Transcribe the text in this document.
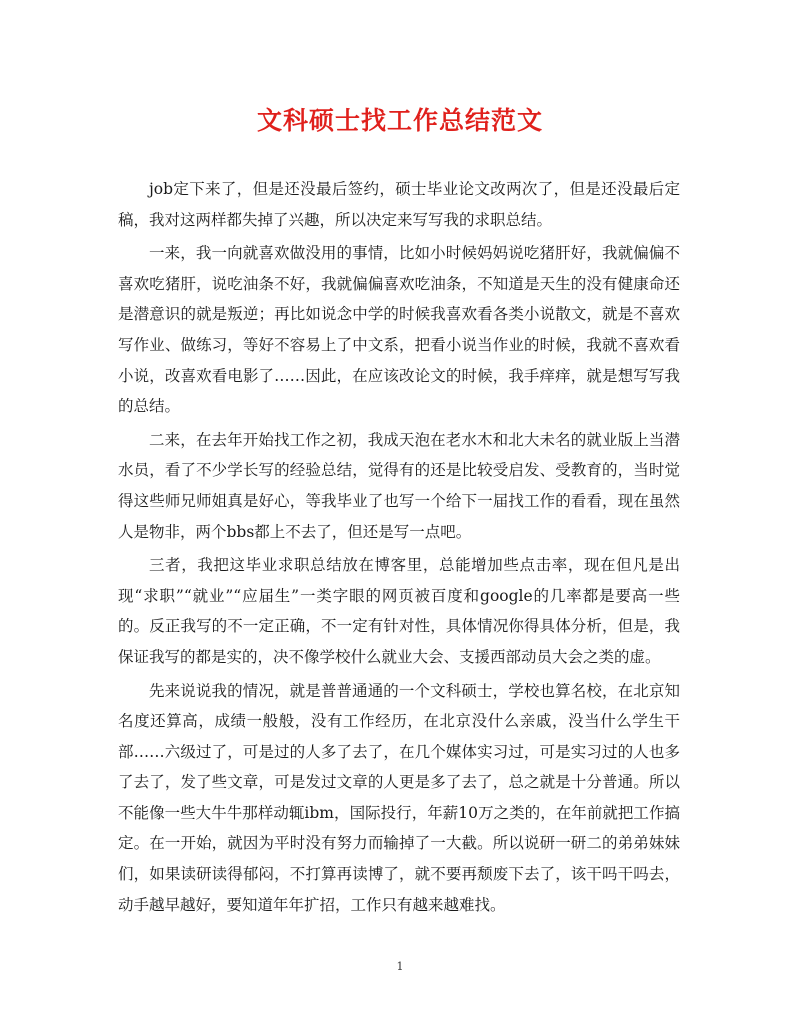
文科硕士找工作总结范文

job定下来了，但是还没最后签约，硕士毕业论文改两次了，但是还没最后定稿，我对这两样都失掉了兴趣，所以决定来写写我的求职总结。

一来，我一向就喜欢做没用的事情，比如小时候妈妈说吃猪肝好，我就偏偏不喜欢吃猪肝，说吃油条不好，我就偏偏喜欢吃油条，不知道是天生的没有健康命还是潜意识的就是叛逆；再比如说念中学的时候我喜欢看各类小说散文，就是不喜欢写作业、做练习，等好不容易上了中文系，把看小说当作业的时候，我就不喜欢看小说，改喜欢看电影了……因此，在应该改论文的时候，我手痒痒，就是想写写我的总结。

二来，在去年开始找工作之初，我成天泡在老水木和北大未名的就业版上当潜水员，看了不少学长写的经验总结，觉得有的还是比较受启发、受教育的，当时觉得这些师兄师姐真是好心，等我毕业了也写一个给下一届找工作的看看，现在虽然人是物非，两个bbs都上不去了，但还是写一点吧。

三者，我把这毕业求职总结放在博客里，总能增加些点击率，现在但凡是出现“求职”“就业”“应届生”一类字眼的网页被百度和google的几率都是要高一些的。反正我写的不一定正确，不一定有针对性，具体情况你得具体分析，但是，我保证我写的都是实的，决不像学校什么就业大会、支援西部动员大会之类的虚。

先来说说我的情况，就是普普通通的一个文科硕士，学校也算名校，在北京知名度还算高，成绩一般般，没有工作经历，在北京没什么亲戚，没当什么学生干部……六级过了，可是过的人多了去了，在几个媒体实习过，可是实习过的人也多了去了，发了些文章，可是发过文章的人更是多了去了，总之就是十分普通。所以不能像一些大牛牛那样动辄ibm，国际投行，年薪10万之类的，在年前就把工作搞定。在一开始，就因为平时没有努力而输掉了一大截。所以说研一研二的弟弟妹妹们，如果读研读得郁闷，不打算再读博了，就不要再颓废下去了，该干吗干吗去，动手越早越好，要知道年年扩招，工作只有越来越难找。

1
